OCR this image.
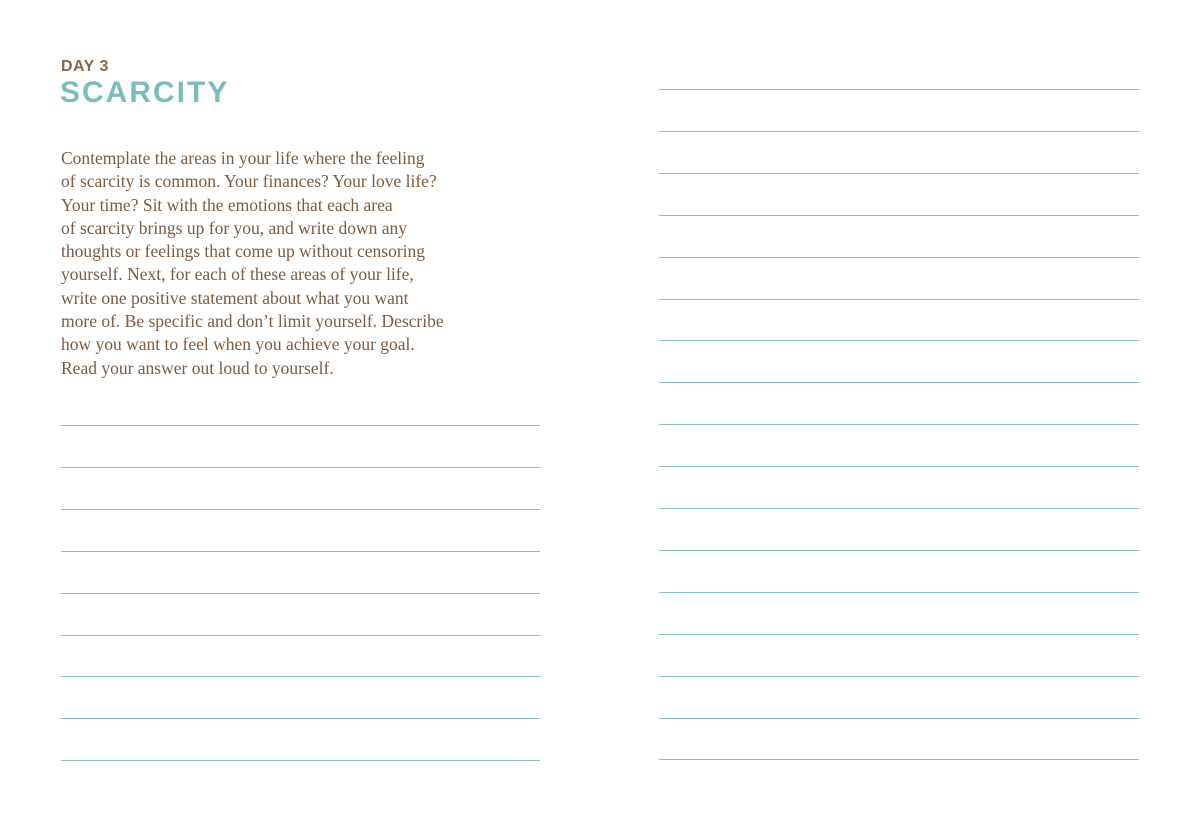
DAY 3
SCARCITY

Contemplate the areas in your life where the feeling
of scarcity is common. Your finances? Your love life?
Your time? Sit with the emotions that each area
of scarcity brings up for you, and write down any
thoughts or feelings that come up without censoring
yourself. Next, for each of these areas of your life,
write one positive statement about what you want
more of. Be specific and don’t limit yourself. Describe
how you want to feel when you achieve your goal.
Read your answer out loud to yourself.
